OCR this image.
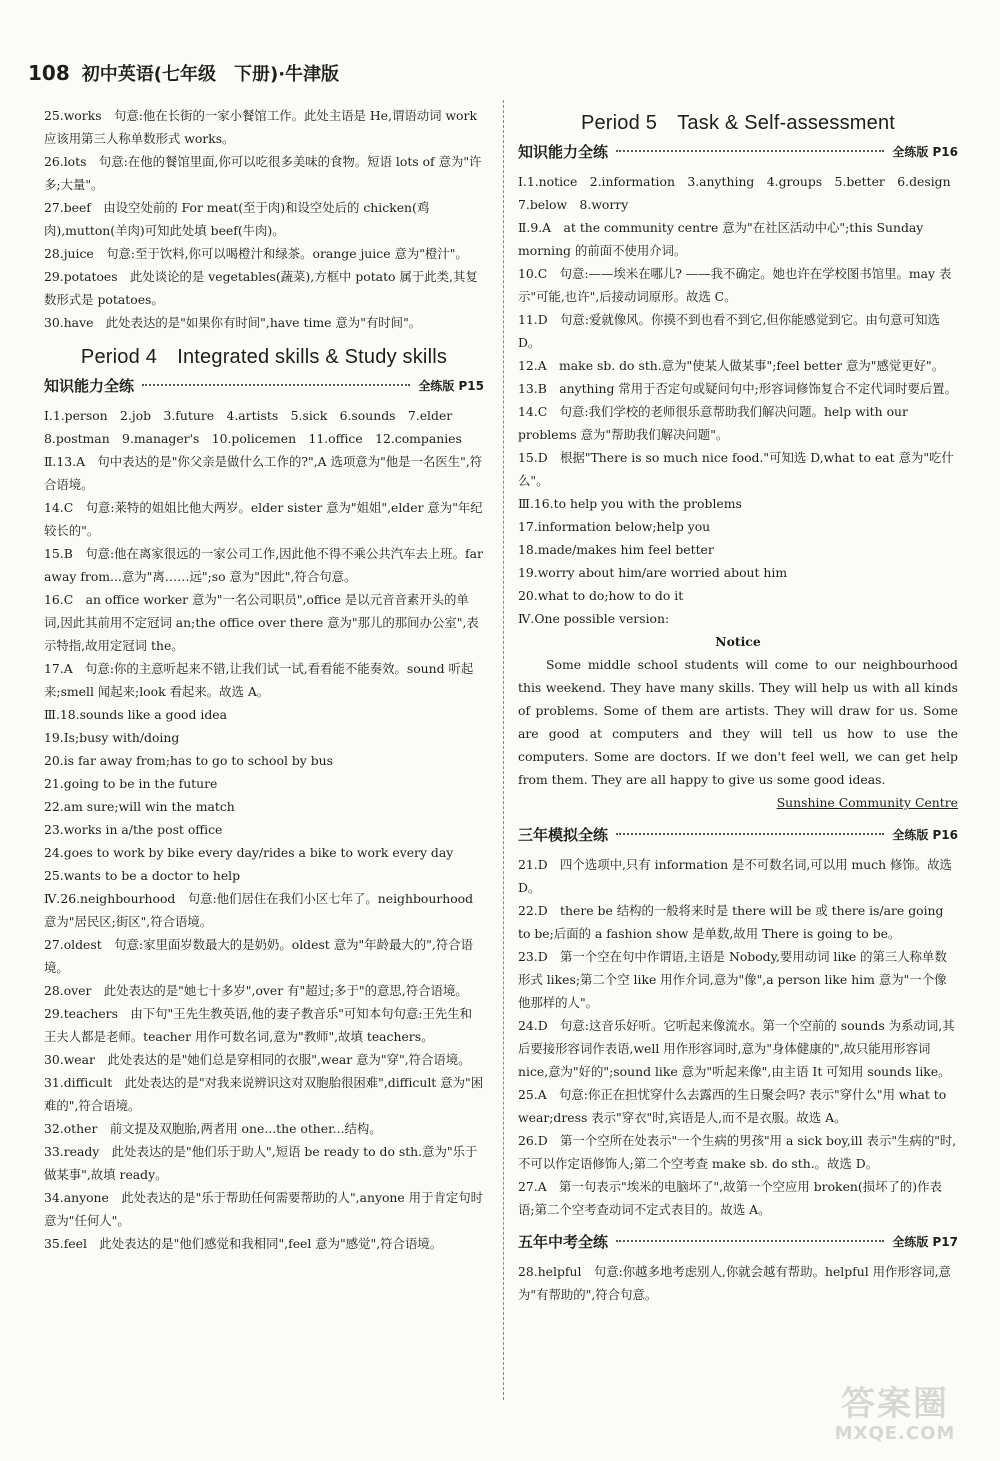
108 初中英语(七年级　下册)·牛津版

25.works　句意:他在长街的一家小餐馆工作。此处主语是 He,谓语动词 work 应该用第三人称单数形式 works。

26.lots　句意:在他的餐馆里面,你可以吃很多美味的食物。短语 lots of 意为"许多;大量"。

27.beef　由设空处前的 For meat(至于肉)和设空处后的 chicken(鸡肉),mutton(羊肉)可知此处填 beef(牛肉)。

28.juice　句意:至于饮料,你可以喝橙汁和绿茶。orange juice 意为"橙汁"。

29.potatoes　此处谈论的是 vegetables(蔬菜),方框中 potato 属于此类,其复数形式是 potatoes。

30.have　此处表达的是"如果你有时间",have time 意为"有时间"。

Period 4　Integrated skills & Study skills
知识能力全练	全练版 P15

Ⅰ.1.person　2.job　3.future　4.artists　5.sick　6.sounds　7.elder

8.postman　9.manager's　10.policemen　11.office　12.companies

Ⅱ.13.A　句中表达的是"你父亲是做什么工作的?",A 选项意为"他是一名医生",符合语境。

14.C　句意:莱特的姐姐比他大两岁。elder sister 意为"姐姐",elder 意为"年纪较长的"。

15.B　句意:他在离家很远的一家公司工作,因此他不得不乘公共汽车去上班。far away from...意为"离……远";so 意为"因此",符合句意。

16.C　an office worker 意为"一名公司职员",office 是以元音音素开头的单词,因此其前用不定冠词 an;the office over there 意为"那儿的那间办公室",表示特指,故用定冠词 the。

17.A　句意:你的主意听起来不错,让我们试一试,看看能不能奏效。sound 听起来;smell 闻起来;look 看起来。故选 A。

Ⅲ.18.sounds like a good idea

19.Is;busy with/doing

20.is far away from;has to go to school by bus

21.going to be in the future

22.am sure;will win the match

23.works in a/the post office

24.goes to work by bike every day/rides a bike to work every day

25.wants to be a doctor to help

Ⅳ.26.neighbourhood　句意:他们居住在我们小区七年了。neighbourhood 意为"居民区;街区",符合语境。

27.oldest　句意:家里面岁数最大的是奶奶。oldest 意为"年龄最大的",符合语境。

28.over　此处表达的是"她七十多岁",over 有"超过;多于"的意思,符合语境。

29.teachers　由下句"王先生教英语,他的妻子教音乐"可知本句句意:王先生和王夫人都是老师。teacher 用作可数名词,意为"教师",故填 teachers。

30.wear　此处表达的是"她们总是穿相同的衣服",wear 意为"穿",符合语境。

31.difficult　此处表达的是"对我来说辨识这对双胞胎很困难",difficult 意为"困难的",符合语境。

32.other　前文提及双胞胎,两者用 one...the other...结构。

33.ready　此处表达的是"他们乐于助人",短语 be ready to do sth.意为"乐于做某事",故填 ready。

34.anyone　此处表达的是"乐于帮助任何需要帮助的人",anyone 用于肯定句时意为"任何人"。

35.feel　此处表达的是"他们感觉和我相同",feel 意为"感觉",符合语境。

Period 5　Task & Self-assessment
知识能力全练	全练版 P16

Ⅰ.1.notice　2.information　3.anything　4.groups　5.better　6.design

7.below　8.worry

Ⅱ.9.A　at the community centre 意为"在社区活动中心";this Sunday morning 的前面不使用介词。

10.C　句意:——埃米在哪儿? ——我不确定。她也许在学校图书馆里。may 表示"可能,也许",后接动词原形。故选 C。

11.D　句意:爱就像风。你摸不到也看不到它,但你能感觉到它。由句意可知选 D。

12.A　make sb. do sth.意为"使某人做某事";feel better 意为"感觉更好"。

13.B　anything 常用于否定句或疑问句中;形容词修饰复合不定代词时要后置。

14.C　句意:我们学校的老师很乐意帮助我们解决问题。help with our problems 意为"帮助我们解决问题"。

15.D　根据"There is so much nice food."可知选 D,what to eat 意为"吃什么"。

Ⅲ.16.to help you with the problems

17.information below;help you

18.made/makes him feel better

19.worry about him/are worried about him

20.what to do;how to do it

Ⅳ.One possible version:

Notice

Some middle school students will come to our neighbourhood this weekend. They have many skills. They will help us with all kinds of problems. Some of them are artists. They will draw for us. Some are good at computers and they will tell us how to use the computers. Some are doctors. If we don't feel well, we can get help from them. They are all happy to give us some good ideas.

Sunshine Community Centre

三年模拟全练	全练版 P16

21.D　四个选项中,只有 information 是不可数名词,可以用 much 修饰。故选 D。

22.D　there be 结构的一般将来时是 there will be 或 there is/are going to be;后面的 a fashion show 是单数,故用 There is going to be。

23.D　第一个空在句中作谓语,主语是 Nobody,要用动词 like 的第三人称单数形式 likes;第二个空 like 用作介词,意为"像",a person like him 意为"一个像他那样的人"。

24.D　句意:这音乐好听。它听起来像流水。第一个空前的 sounds 为系动词,其后要接形容词作表语,well 用作形容词时,意为"身体健康的",故只能用形容词 nice,意为"好的";sound like 意为"听起来像",由主语 It 可知用 sounds like。

25.A　句意:你正在担忧穿什么去露西的生日聚会吗? 表示"穿什么"用 what to wear;dress 表示"穿衣"时,宾语是人,而不是衣服。故选 A。

26.D　第一个空所在处表示"一个生病的男孩"用 a sick boy,ill 表示"生病的"时,不可以作定语修饰人;第二个空考查 make sb. do sth.。故选 D。

27.A　第一句表示"埃米的电脑坏了",故第一个空应用 broken(损坏了的)作表语;第二个空考查动词不定式表目的。故选 A。

五年中考全练	全练版 P17

28.helpful　句意:你越多地考虑别人,你就会越有帮助。helpful 用作形容词,意为"有帮助的",符合句意。

答案圈
MXQE.COM
